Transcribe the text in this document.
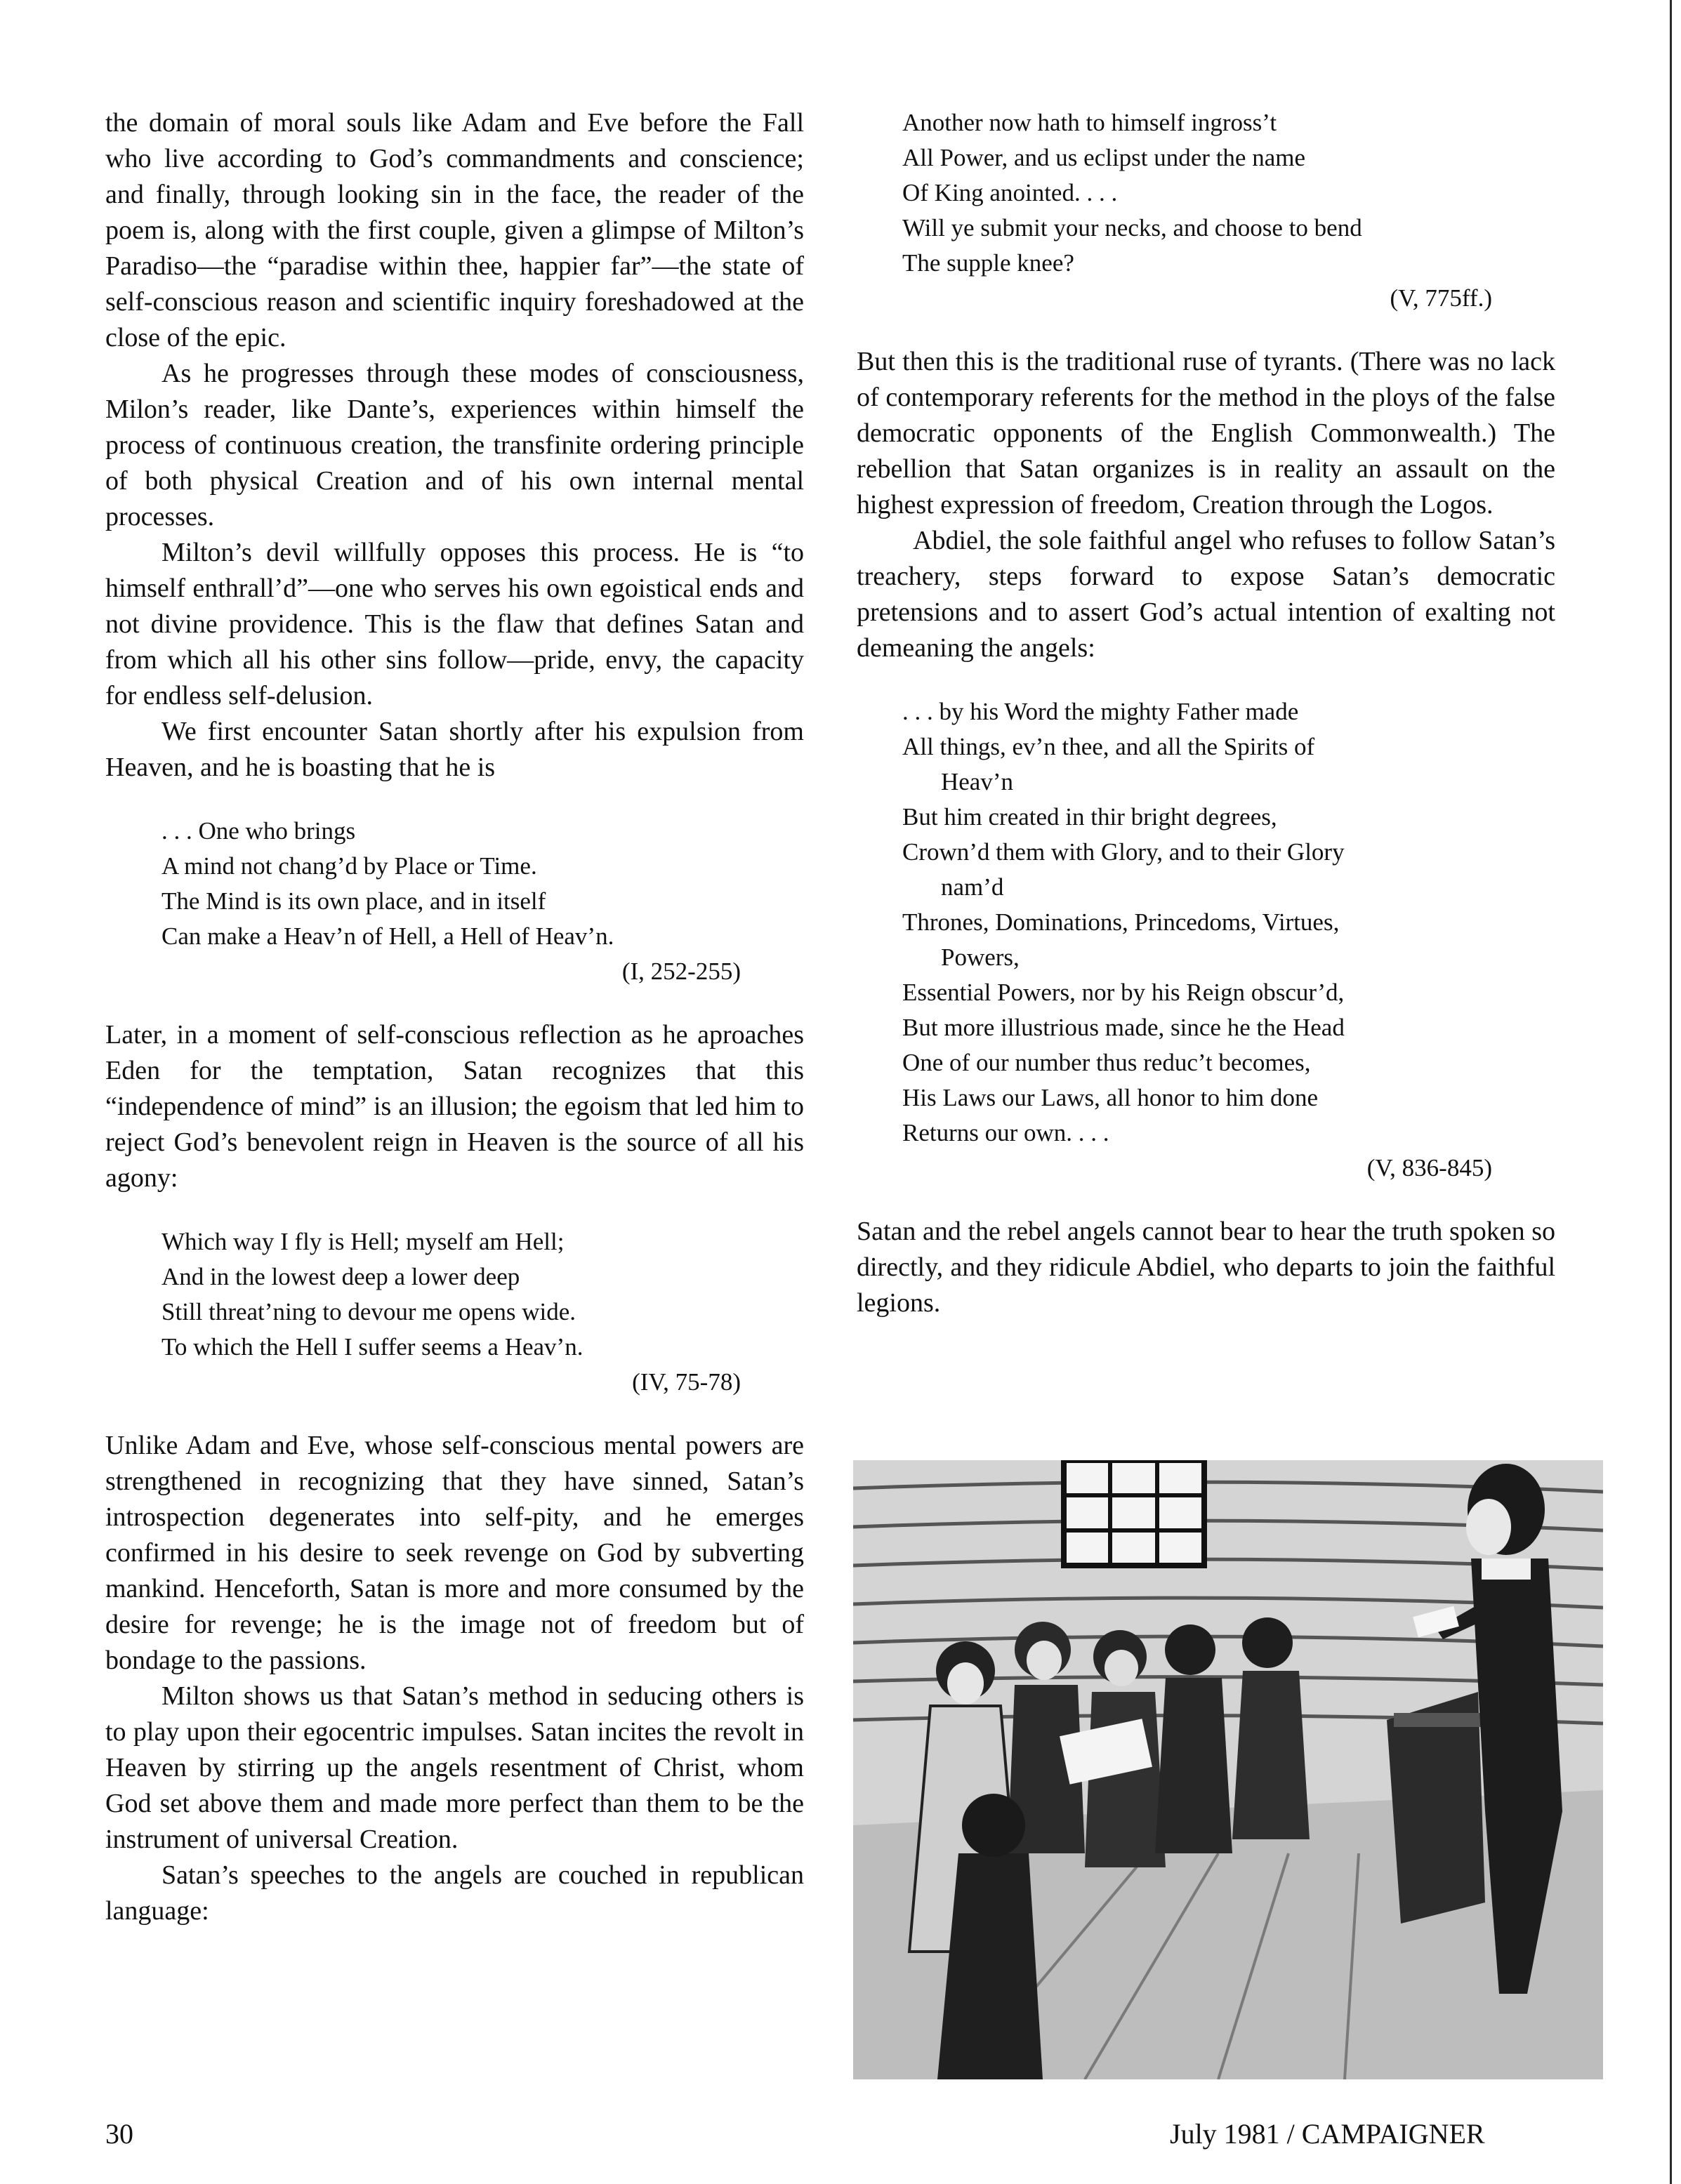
the domain of moral souls like Adam and Eve before the Fall who live according to God’s commandments and conscience; and finally, through looking sin in the face, the reader of the poem is, along with the first couple, given a glimpse of Milton’s Paradiso—the “paradise within thee, happier far”—the state of self-conscious reason and scientific inquiry foreshadowed at the close of the epic.

As he progresses through these modes of consciousness, Milon’s reader, like Dante’s, experiences within himself the process of continuous creation, the transfinite ordering principle of both physical Creation and of his own internal mental processes.

Milton’s devil willfully opposes this process. He is “to himself enthrall’d”—one who serves his own egoistical ends and not divine providence. This is the flaw that defines Satan and from which all his other sins follow—pride, envy, the capacity for endless self-delusion.

We first encounter Satan shortly after his expulsion from Heaven, and he is boasting that he is

. . . One who brings
A mind not chang’d by Place or Time.
The Mind is its own place, and in itself
Can make a Heav’n of Hell, a Hell of Heav’n.
(I, 252-255)

Later, in a moment of self-conscious reflection as he aproaches Eden for the temptation, Satan recognizes that this “independence of mind” is an illusion; the egoism that led him to reject God’s benevolent reign in Heaven is the source of all his agony:

Which way I fly is Hell; myself am Hell;
And in the lowest deep a lower deep
Still threat’ning to devour me opens wide.
To which the Hell I suffer seems a Heav’n.
(IV, 75-78)

Unlike Adam and Eve, whose self-conscious mental powers are strengthened in recognizing that they have sinned, Satan’s introspection degenerates into self-pity, and he emerges confirmed in his desire to seek revenge on God by subverting mankind. Henceforth, Satan is more and more consumed by the desire for revenge; he is the image not of freedom but of bondage to the passions.

Milton shows us that Satan’s method in seducing others is to play upon their egocentric impulses. Satan incites the revolt in Heaven by stirring up the angels resentment of Christ, whom God set above them and made more perfect than them to be the instrument of universal Creation.

Satan’s speeches to the angels are couched in republican language:

Another now hath to himself ingross’t
All Power, and us eclipst under the name
Of King anointed. . . .
Will ye submit your necks, and choose to bend
The supple knee?
(V, 775ff.)

But then this is the traditional ruse of tyrants. (There was no lack of contemporary referents for the method in the ploys of the false democratic opponents of the English Commonwealth.) The rebellion that Satan organizes is in reality an assault on the highest expression of freedom, Creation through the Logos.

Abdiel, the sole faithful angel who refuses to follow Satan’s treachery, steps forward to expose Satan’s democratic pretensions and to assert God’s actual intention of exalting not demeaning the angels:

. . . by his Word the mighty Father made
All things, ev’n thee, and all the Spirits of
Heav’n
But him created in thir bright degrees,
Crown’d them with Glory, and to their Glory
nam’d
Thrones, Dominations, Princedoms, Virtues,
Powers,
Essential Powers, nor by his Reign obscur’d,
But more illustrious made, since he the Head
One of our number thus reduc’t becomes,
His Laws our Laws, all honor to him done
Returns our own. . . .
(V, 836-845)

Satan and the rebel angels cannot bear to hear the truth spoken so directly, and they ridicule Abdiel, who departs to join the faithful legions.

30	July 1981 / CAMPAIGNER
